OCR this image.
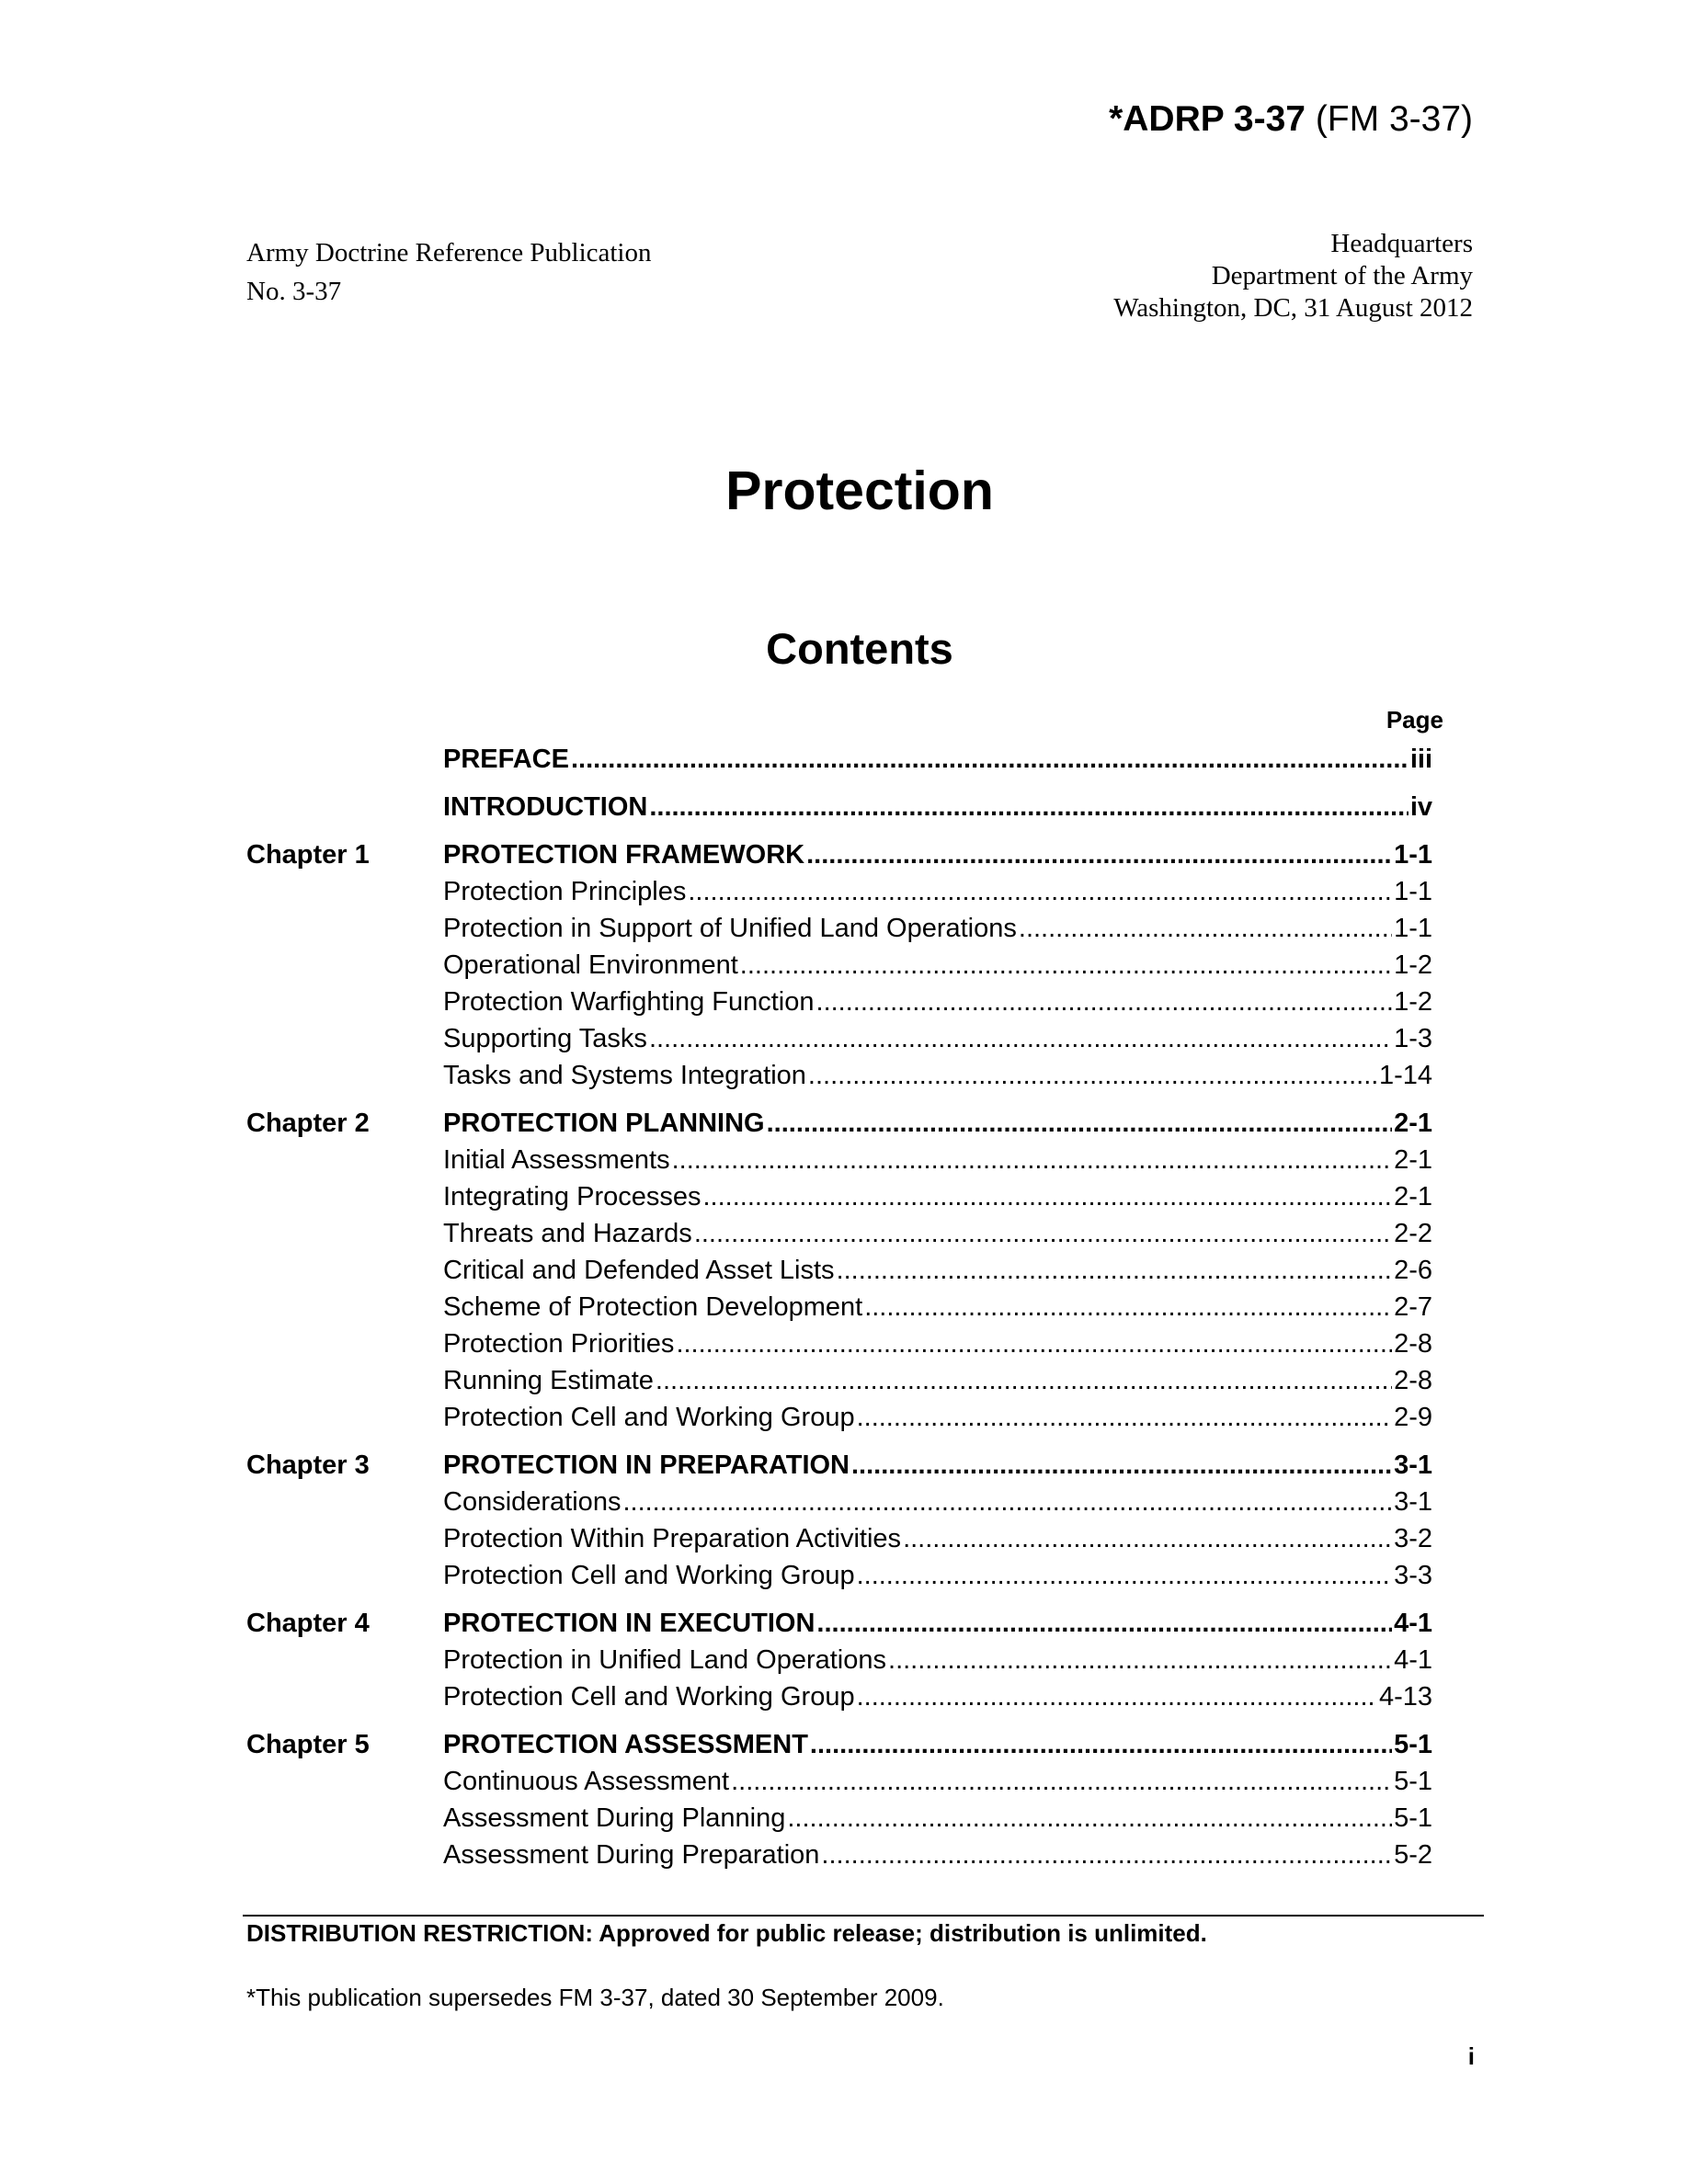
*ADRP 3-37 (FM 3-37)
Army Doctrine Reference Publication
No. 3-37
Headquarters
Department of the Army
Washington, DC, 31 August 2012
Protection
Contents
Page
PREFACE .....	iii
INTRODUCTION .....	iv
Chapter 1	PROTECTION FRAMEWORK .....	1-1
Protection Principles .....	1-1
Protection in Support of Unified Land Operations .....	1-1
Operational Environment .....	1-2
Protection Warfighting Function .....	1-2
Supporting Tasks .....	1-3
Tasks and Systems Integration .....	1-14
Chapter 2	PROTECTION PLANNING .....	2-1
Initial Assessments .....	2-1
Integrating Processes .....	2-1
Threats and Hazards .....	2-2
Critical and Defended Asset Lists .....	2-6
Scheme of Protection Development .....	2-7
Protection Priorities .....	2-8
Running Estimate .....	2-8
Protection Cell and Working Group .....	2-9
Chapter 3	PROTECTION IN PREPARATION .....	3-1
Considerations .....	3-1
Protection Within Preparation Activities .....	3-2
Protection Cell and Working Group .....	3-3
Chapter 4	PROTECTION IN EXECUTION .....	4-1
Protection in Unified Land Operations .....	4-1
Protection Cell and Working Group .....	4-13
Chapter 5	PROTECTION ASSESSMENT .....	5-1
Continuous Assessment .....	5-1
Assessment During Planning .....	5-1
Assessment During Preparation .....	5-2
DISTRIBUTION RESTRICTION: Approved for public release; distribution is unlimited.
*This publication supersedes FM 3-37, dated 30 September 2009.
i
